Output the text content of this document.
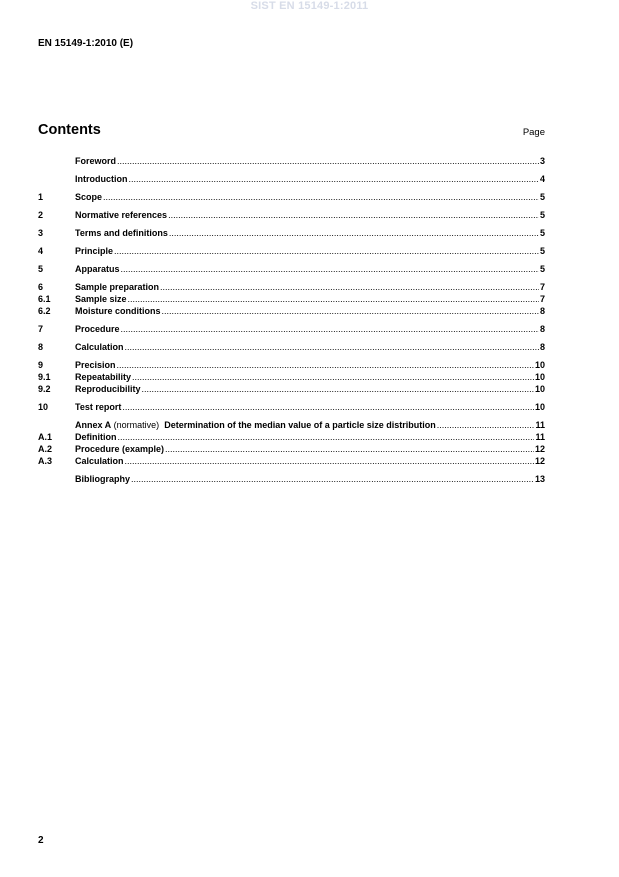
SIST EN 15149-1:2011
EN 15149-1:2010 (E)
Contents	Page
Foreword .....	3
Introduction .....	4
1	Scope .....	5
2	Normative references .....	5
3	Terms and definitions .....	5
4	Principle .....	5
5	Apparatus .....	5
6	Sample preparation .....	7
6.1	Sample size .....	7
6.2	Moisture conditions .....	8
7	Procedure .....	8
8	Calculation .....	8
9	Precision .....	10
9.1	Repeatability .....	10
9.2	Reproducibility .....	10
10	Test report .....	10
Annex A (normative)  Determination of the median value of a particle size distribution .....	11
A.1	Definition .....	11
A.2	Procedure (example) .....	12
A.3	Calculation .....	12
Bibliography .....	13
2
